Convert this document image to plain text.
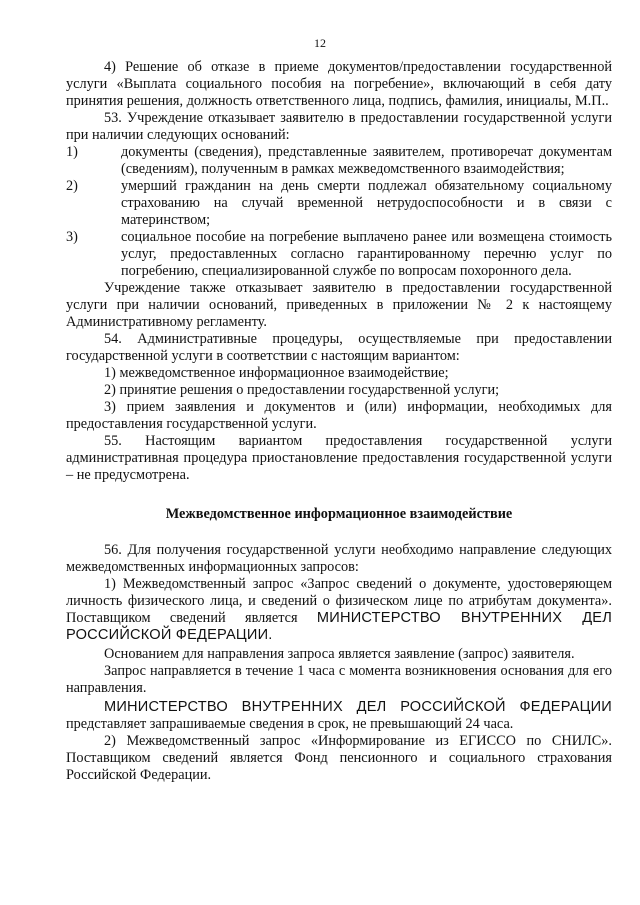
12

4) Решение об отказе в приеме документов/предоставлении государственной услуги «Выплата социального пособия на погребение», включающий в себя дату принятия решения, должность ответственного лица, подпись, фамилия, инициалы, М.П..

53. Учреждение отказывает заявителю в предоставлении государственной услуги при наличии следующих оснований:

1)	документы (сведения), представленные заявителем, противоречат документам (сведениям), полученным в рамках межведомственного взаимодействия;

2)	умерший гражданин на день смерти подлежал обязательному социальному страхованию на случай временной нетрудоспособности и в связи с материнством;

3)	социальное пособие на погребение выплачено ранее или возмещена стоимость услуг, предоставленных согласно гарантированному перечню услуг по погребению, специализированной службе по вопросам похоронного дела.

Учреждение также отказывает заявителю в предоставлении государственной услуги при наличии оснований, приведенных в приложении № 2 к настоящему Административному регламенту.

54. Административные процедуры, осуществляемые при предоставлении государственной услуги в соответствии с настоящим вариантом:

1) межведомственное информационное взаимодействие;

2) принятие решения о предоставлении государственной услуги;

3) прием заявления и документов и (или) информации, необходимых для предоставления государственной услуги.

55. Настоящим вариантом предоставления государственной услуги административная процедура приостановление предоставления государственной услуги – не предусмотрена.

Межведомственное информационное взаимодействие

56. Для получения государственной услуги необходимо направление следующих межведомственных информационных запросов:

1) Межведомственный запрос «Запрос сведений о документе, удостоверяющем личность физического лица, и сведений о физическом лице по атрибутам документа». Поставщиком сведений является МИНИСТЕРСТВО ВНУТРЕННИХ ДЕЛ РОССИЙСКОЙ ФЕДЕРАЦИИ.

Основанием для направления запроса является заявление (запрос) заявителя.

Запрос направляется в течение 1 часа с момента возникновения основания для его направления.

МИНИСТЕРСТВО ВНУТРЕННИХ ДЕЛ РОССИЙСКОЙ ФЕДЕРАЦИИ представляет запрашиваемые сведения в срок, не превышающий 24 часа.

2) Межведомственный запрос «Информирование из ЕГИССО по СНИЛС». Поставщиком сведений является Фонд пенсионного и социального страхования Российской Федерации.
